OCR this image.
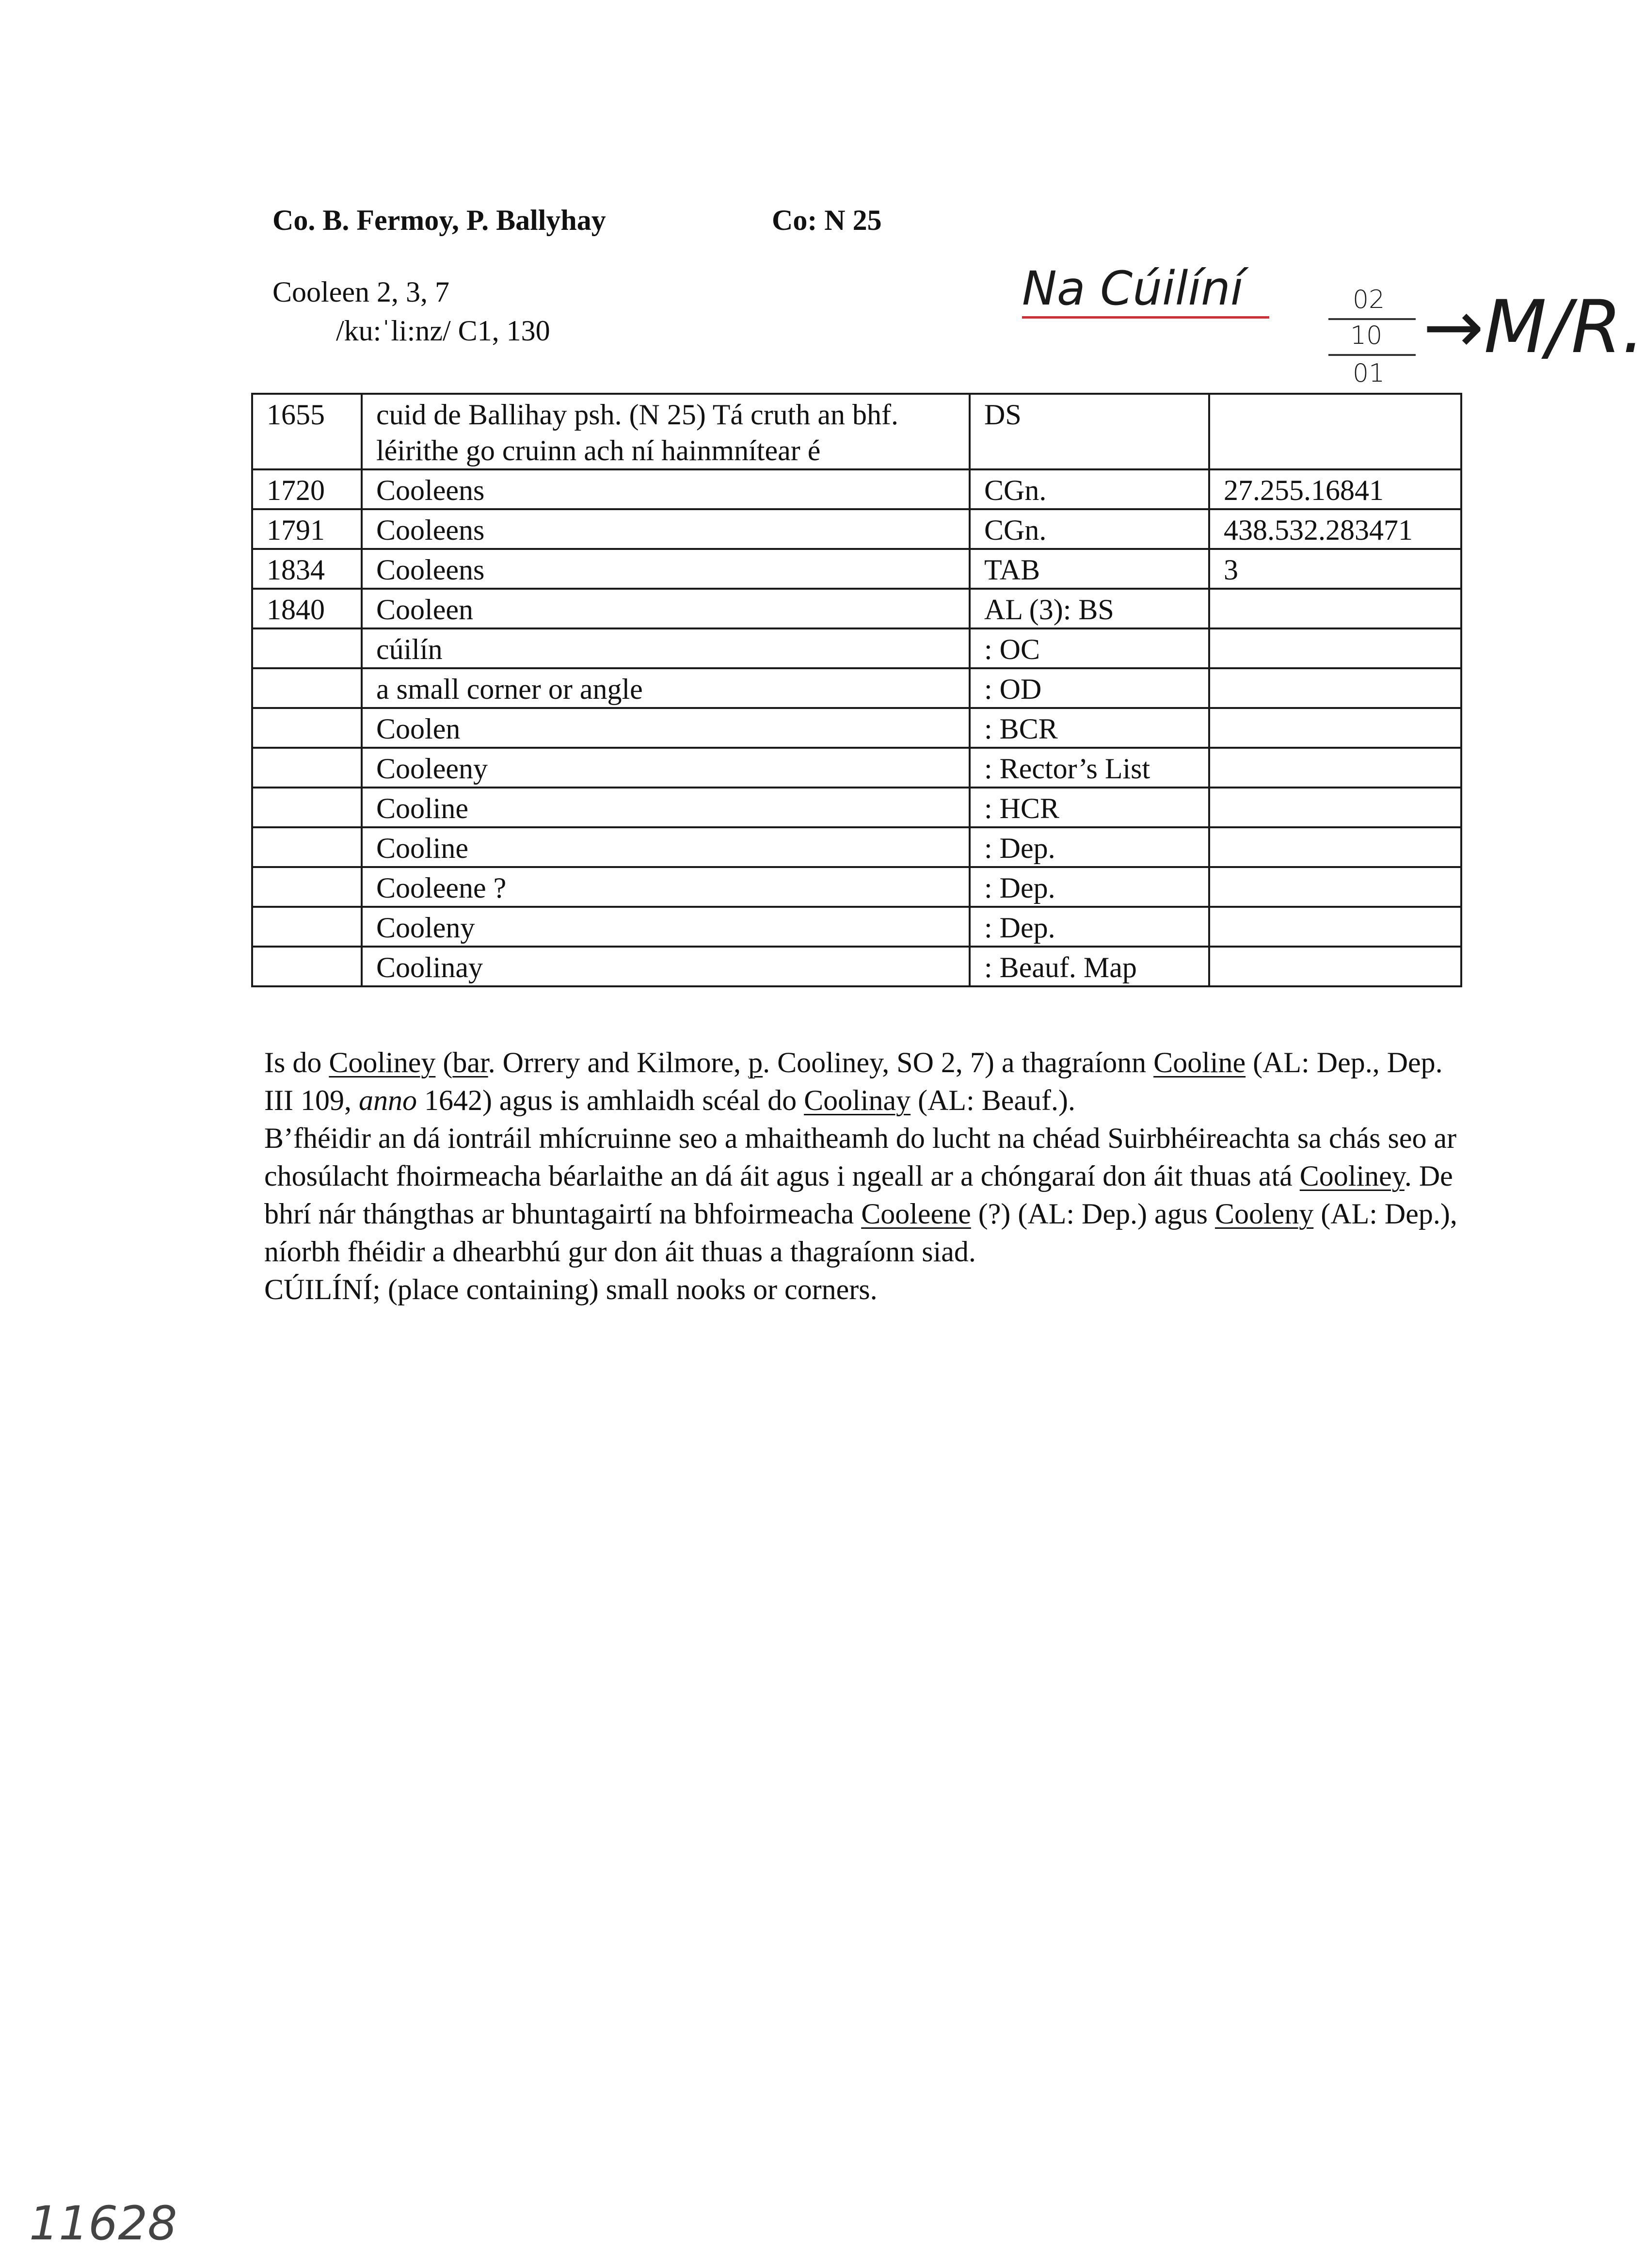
Co. B. Fermoy, P. Ballyhay	Co: N 25
Cooleen 2, 3, 7
/ku:ˈli:nz/ C1, 130
Na Cúilíní	02
10
01
→M/R.
1655	cuid de Ballihay psh. (N 25) Tá cruth an bhf. léirithe go cruinn ach ní hainmnítear é	DS	
1720	Cooleens	CGn.	27.255.16841
1791	Cooleens	CGn.	438.532.283471
1834	Cooleens	TAB	3
1840	Cooleen	AL (3): BS	
	cúilín	: OC	
	a small corner or angle	: OD	
	Coolen	: BCR	
	Cooleeny	: Rector’s List	
	Cooline	: HCR	
	Cooline	: Dep.	
	Cooleene ?	: Dep.	
	Cooleny	: Dep.	
	Coolinay	: Beauf. Map	
Is do Cooliney (bar. Orrery and Kilmore, p. Cooliney, SO 2, 7) a thagraíonn Cooline (AL: Dep., Dep. III 109, anno 1642) agus is amhlaidh scéal do Coolinay (AL: Beauf.).
B’fhéidir an dá iontráil mhícruinne seo a mhaitheamh do lucht na chéad Suirbhéireachta sa chás seo ar chosúlacht fhoirmeacha béarlaithe an dá áit agus i ngeall ar a chóngaraí don áit thuas atá Cooliney. De bhrí nár thángthas ar bhuntagairtí na bhfoirmeacha Cooleene (?) (AL: Dep.) agus Cooleny (AL: Dep.), níorbh fhéidir a dhearbhú gur don áit thuas a thagraíonn siad.
CÚILÍNÍ; (place containing) small nooks or corners.
11628
